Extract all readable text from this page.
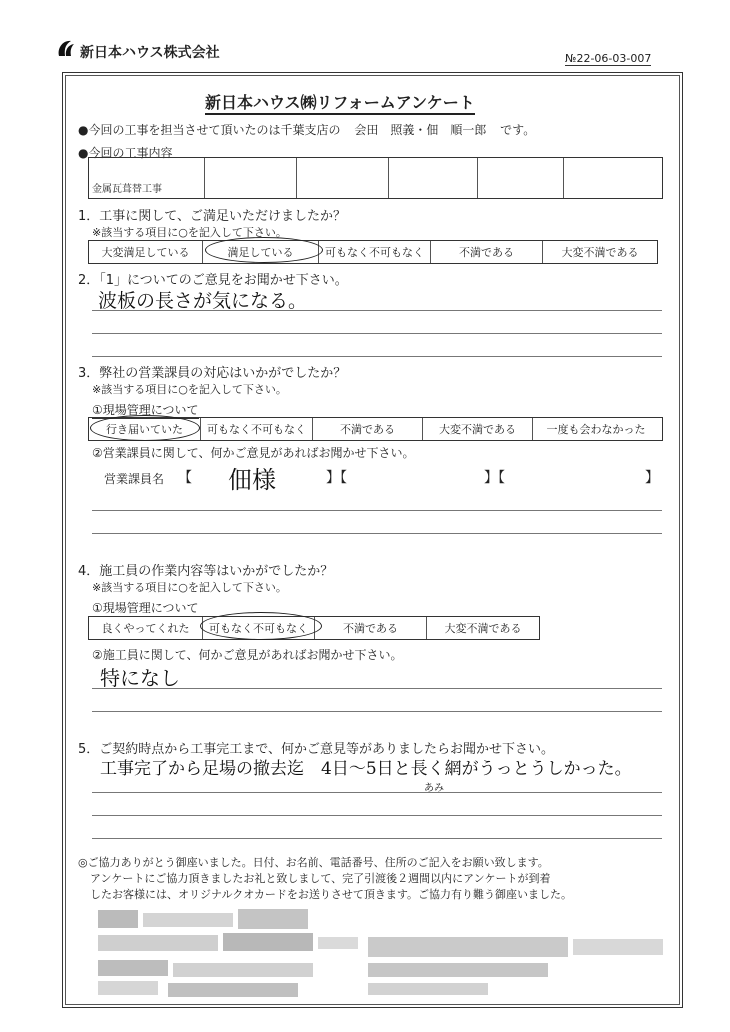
新日本ハウス株式会社	№22-06-03-007
新日本ハウス㈱リフォームアンケート
●今回の工事を担当させて頂いたのは千葉支店の 会田　照義・佃　順一郎 です。
●今回の工事内容
金属瓦葺替工事
1．工事に関して、ご満足いただけましたか？
※該当する項目に○を記入して下さい。
大変満足している	満足している	可もなく不可もなく	不満である	大変不満である
2．「1」についてのご意見をお聞かせ下さい。
波板の長さが気になる。
3．弊社の営業課員の対応はいかがでしたか？
※該当する項目に○を記入して下さい。
①現場管理について
行き届いていた	可もなく不可もなく	不満である	大変不満である	一度も会わなかった
②営業課員に関して、何かご意見があればお聞かせ下さい。
営業課員名 【 佃様	】【	】【	】
4．施工員の作業内容等はいかがでしたか？
※該当する項目に○を記入して下さい。
①現場管理について
良くやってくれた	可もなく不可もなく	不満である	大変不満である
②施工員に関して、何かご意見があればお聞かせ下さい。
特になし
5．ご契約時点から工事完工まで、何かご意見等がありましたらお聞かせ下さい。
工事完了から足場の撤去迄　4日〜5日と長く網がうっとうしかった。
あみ
◎ご協力ありがとう御座いました。日付、お名前、電話番号、住所のご記入をお願い致します。
アンケートにご協力頂きましたお礼と致しまして、完了引渡後２週間以内にアンケートが到着
したお客様には、オリジナルクオカードをお送りさせて頂きます。ご協力有り難う御座いました。
